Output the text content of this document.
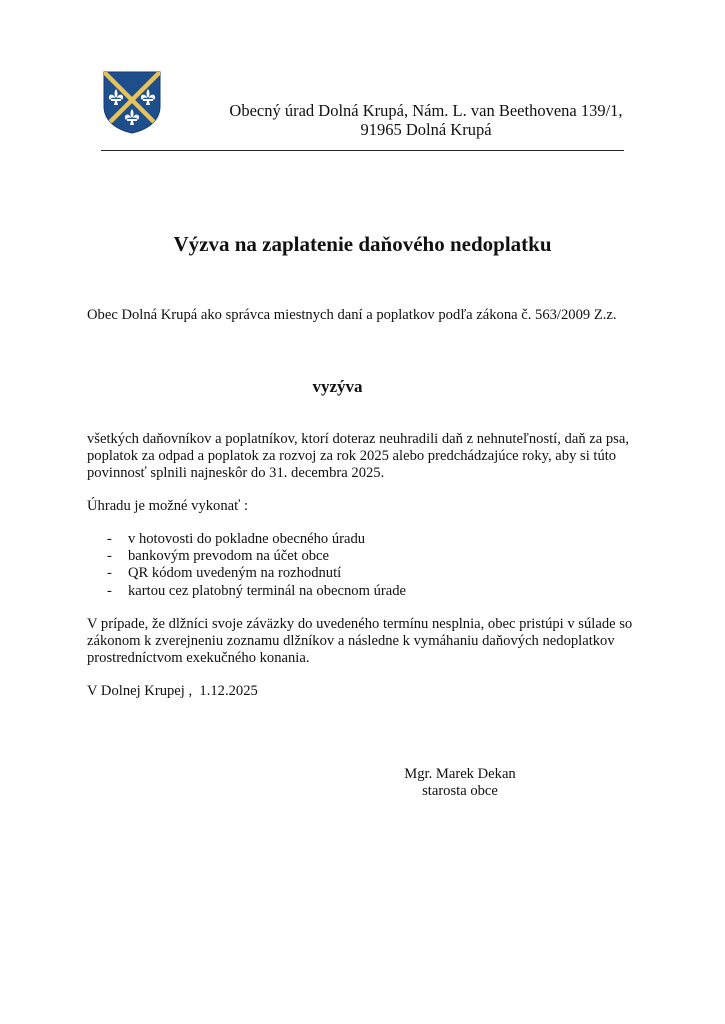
Obecný úrad Dolná Krupá, Nám. L. van Beethovena 139/1,
91965 Dolná Krupá
Výzva na zaplatenie daňového nedoplatku
Obec Dolná Krupá ako správca miestnych daní a poplatkov podľa zákona č. 563/2009 Z.z.
vyzýva
všetkých daňovníkov a poplatníkov, ktorí doteraz neuhradili daň z nehnuteľností, daň za psa, poplatok za odpad a poplatok za rozvoj za rok 2025 alebo predchádzajúce roky, aby si túto povinnosť splnili najneskôr do 31. decembra 2025.
Úhradu je možné vykonať :
- v hotovosti do pokladne obecného úradu
- bankovým prevodom na účet obce
- QR kódom uvedeným na rozhodnutí
- kartou cez platobný terminál na obecnom úrade
V prípade, že dlžníci svoje záväzky do uvedeného termínu nesplnia, obec pristúpi v súlade so zákonom k zverejneniu zoznamu dlžníkov a následne k vymáhaniu daňových nedoplatkov prostredníctvom exekučného konania.
V Dolnej Krupej ,  1.12.2025
Mgr. Marek Dekan
starosta obce
